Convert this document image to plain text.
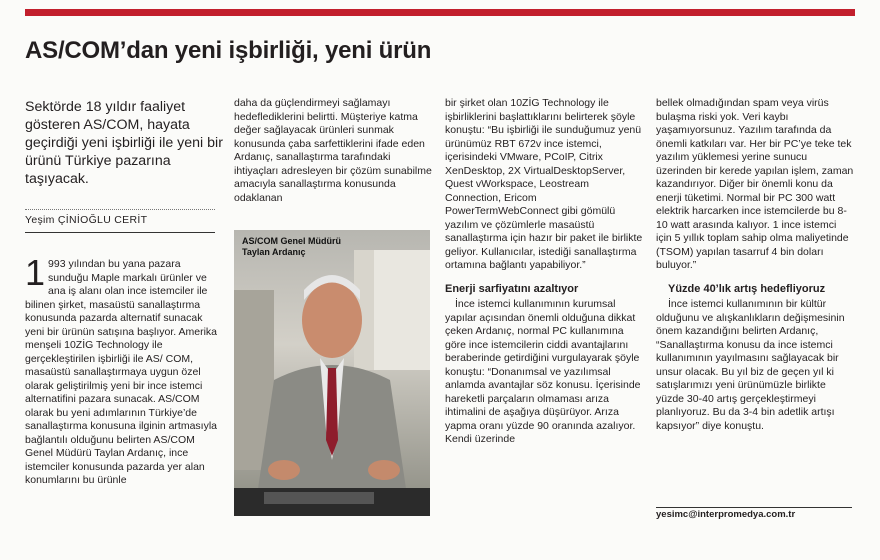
AS/COM’dan yeni işbirliği, yeni ürün
Sektörde 18 yıldır faaliyet gösteren AS/COM, hayata geçirdiği yeni işbirliği ile yeni bir ürünü Türkiye pazarına taşıyacak.
Yeşim ÇİNİOĞLU CERİT
1 993 yılından bu yana pazara sunduğu Maple markalı ürünler ve ana iş alanı olan ince istemciler ile bilinen şirket, masaüstü sanallaştırma konusunda pazarda alternatif sunacak yeni bir ürünün satışına başlıyor. Amerika menşeli 10ZİG Technology ile gerçekleştirilen işbirliği ile AS/ COM, masaüstü sanallaştırmaya uygun özel olarak geliştirilmiş yeni bir ince istemci alternatifini pazara sunacak. AS/COM olarak bu yeni adımlarının Türkiye’de sanallaştırma konusuna ilginin artmasıyla bağlantılı olduğunu belirten AS/COM Genel Müdürü Taylan Ardanıç, ince istemciler konusunda pazarda yer alan konumlarını bu ürünle

daha da güçlendirmeyi sağlamayı hedeflediklerini belirtti. Müşteriye katma değer sağlayacak ürünleri sunmak konusunda çaba sarfettiklerini ifade eden Ardanıç, sanallaştırma tarafındaki ihtiyaçları adresleyen bir çözüm sunabilme amacıyla sanallaştırma konusunda odaklanan

AS/COM Genel Müdürü Taylan Ardanıç

bir şirket olan 10ZİG Technology ile işbirliklerini başlattıklarını belirterek şöyle konuştu: “Bu işbirliği ile sunduğumuz yenü ürünümüz RBT 672v ince istemci, içerisindeki VMware, PCoIP, Citrix XenDesktop, 2X VirtualDesktopServer, Quest vWorkspace, Leostream Connection, Ericom PowerTermWebConnect gibi gömülü yazılım ve çözümlerle masaüstü sanallaştırma için hazır bir paket ile birlikte geliyor. Kullanıcılar, istediği sanallaştırma ortamına bağlantı yapabiliyor.”

Enerji sarfiyatını azaltıyor

İnce istemci kullanımının kurumsal yapılar açısından önemli olduğuna dikkat çeken Ardanıç, normal PC kullanımına göre ince istemcilerin ciddi avantajlarını beraberinde getirdiğini vurgulayarak şöyle konuştu: “Donanımsal ve yazılımsal anlamda avantajlar söz konusu. İçerisinde hareketli parçaların olmaması arıza ihtimalini de aşağıya düşürüyor. Arıza yapma oranı yüzde 90 oranında azalıyor. Kendi üzerinde

bellek olmadığından spam veya virüs bulaşma riski yok. Veri kaybı yaşamıyorsunuz. Yazılım tarafında da önemli katkıları var. Her bir PC’ye teke tek yazılım yüklemesi yerine sunucu üzerinden bir kerede yapılan işlem, zaman kazandırıyor. Diğer bir önemli konu da enerji tüketimi. Normal bir PC 300 watt elektrik harcarken ince istemcilerde bu 8-10 watt arasında kalıyor. 1 ince istemci için 5 yıllık toplam sahip olma maliyetinde (TSOM) yapılan tasarruf 4 bin doları buluyor.”

Yüzde 40’lık artış hedefliyoruz

İnce istemci kullanımının bir kültür olduğunu ve alışkanlıkların değişmesinin önem kazandığını belirten Ardanıç, “Sanallaştırma konusu da ince istemci kullanımının yayılmasını sağlayacak bir unsur olacak. Bu yıl biz de geçen yıl ki satışlarımızı yeni ürünümüzle birlikte yüzde 30-40 artış gerçekleştirmeyi planlıyoruz. Bu da 3-4 bin adetlik artışı kapsıyor” diye konuştu.

yesimc@interpromedya.com.tr
